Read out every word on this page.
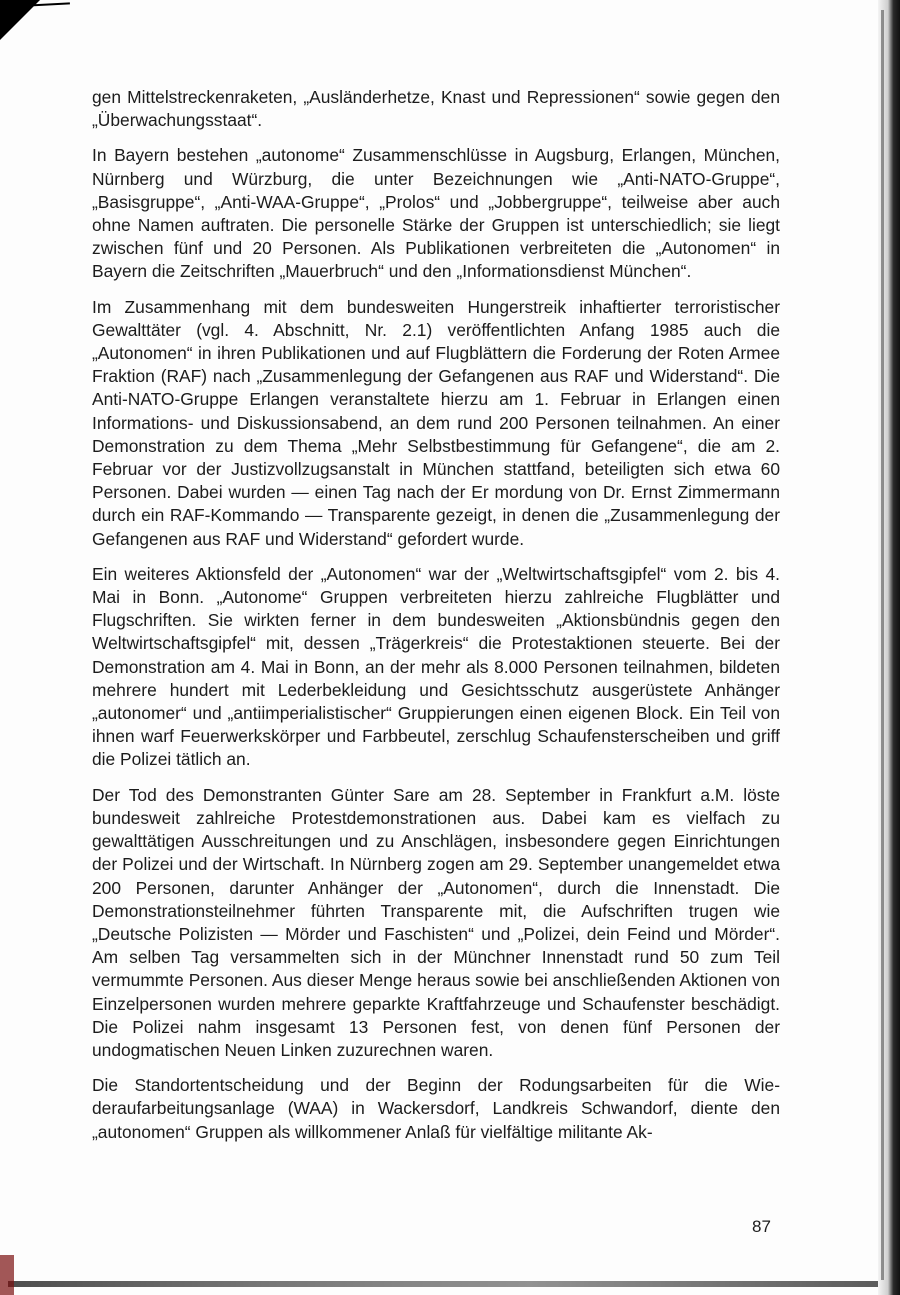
gen Mittelstreckenraketen, „Ausländerhetze, Knast und Repressionen“ sowie gegen den „Überwachungsstaat“.

In Bayern bestehen „autonome“ Zusammenschlüsse in Augsburg, Erlangen, München, Nürnberg und Würzburg, die unter Bezeichnungen wie „Anti-NATO-Gruppe“, „Basisgruppe“, „Anti-WAA-Gruppe“, „Prolos“ und „Jobbergruppe“, teilweise aber auch ohne Namen auftraten. Die personelle Stärke der Gruppen ist unterschiedlich; sie liegt zwischen fünf und 20 Personen. Als Publikationen verbreiteten die „Autonomen“ in Bayern die Zeitschriften „Mauerbruch“ und den „Informationsdienst München“.

Im Zusammenhang mit dem bundesweiten Hungerstreik inhaftierter terroristischer Gewalttäter (vgl. 4. Abschnitt, Nr. 2.1) veröffentlichten Anfang 1985 auch die „Autonomen“ in ihren Publikationen und auf Flugblättern die Forderung der Roten Armee Fraktion (RAF) nach „Zusammenlegung der Gefangenen aus RAF und Widerstand“. Die Anti-NATO-Gruppe Erlangen veranstaltete hierzu am 1. Februar in Erlangen einen Informations- und Diskussionsabend, an dem rund 200 Personen teilnahmen. An einer Demonstration zu dem Thema „Mehr Selbstbestimmung für Gefangene“, die am 2. Februar vor der Justizvollzugsanstalt in München stattfand, beteiligten sich etwa 60 Personen. Dabei wurden — einen Tag nach der Er mordung von Dr. Ernst Zimmermann durch ein RAF-Kommando — Transparente gezeigt, in denen die „Zusammenlegung der Gefangenen aus RAF und Widerstand“ gefordert wurde.

Ein weiteres Aktionsfeld der „Autonomen“ war der „Weltwirtschaftsgipfel“ vom 2. bis 4. Mai in Bonn. „Autonome“ Gruppen verbreiteten hierzu zahlreiche Flugblätter und Flugschriften. Sie wirkten ferner in dem bundesweiten „Aktionsbündnis gegen den Weltwirtschaftsgipfel“ mit, dessen „Trägerkreis“ die Protestaktionen steuerte. Bei der Demonstration am 4. Mai in Bonn, an der mehr als 8.000 Personen teilnahmen, bildeten mehrere hundert mit Lederbekleidung und Gesichtsschutz ausgerüstete Anhänger „autonomer“ und „antiimperialistischer“ Gruppierungen einen eigenen Block. Ein Teil von ihnen warf Feuerwerkskörper und Farbbeutel, zerschlug Schaufensterscheiben und griff die Polizei tätlich an.

Der Tod des Demonstranten Günter Sare am 28. September in Frankfurt a.M. löste bundesweit zahlreiche Protestdemonstrationen aus. Dabei kam es vielfach zu gewalttätigen Ausschreitungen und zu Anschlägen, insbesondere gegen Einrichtungen der Polizei und der Wirtschaft. In Nürnberg zogen am 29. September unangemeldet etwa 200 Personen, darunter Anhänger der „Autonomen“, durch die Innenstadt. Die Demonstrationsteilnehmer führten Transparente mit, die Aufschriften trugen wie „Deutsche Polizisten — Mörder und Faschisten“ und „Polizei, dein Feind und Mörder“. Am selben Tag versammelten sich in der Münchner Innenstadt rund 50 zum Teil vermummte Personen. Aus dieser Menge heraus sowie bei anschließenden Aktionen von Einzelpersonen wurden mehrere geparkte Kraftfahrzeuge und Schaufenster beschädigt. Die Polizei nahm insgesamt 13 Personen fest, von denen fünf Personen der undogmatischen Neuen Linken zuzurechnen waren.

Die Standortentscheidung und der Beginn der Rodungsarbeiten für die Wiederaufarbeitungsanlage (WAA) in Wackersdorf, Landkreis Schwandorf, diente den „autonomen“ Gruppen als willkommener Anlaß für vielfältige militante Ak-

87
